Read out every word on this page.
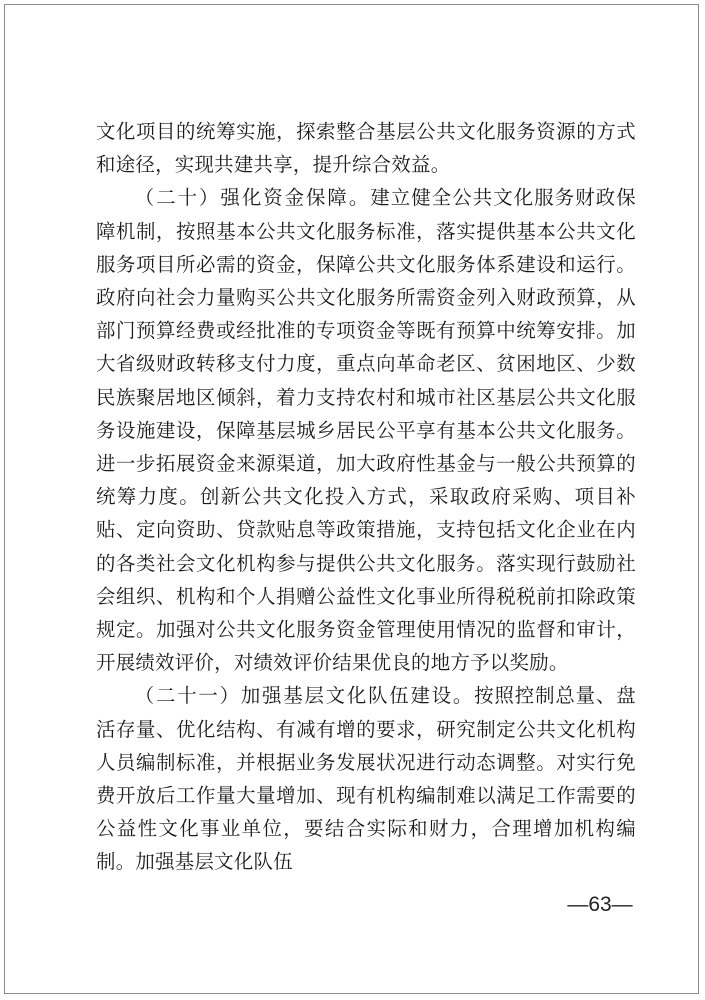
文化项目的统筹实施，探索整合基层公共文化服务资源的方式和途径，实现共建共享，提升综合效益。

（二十）强化资金保障。建立健全公共文化服务财政保障机制，按照基本公共文化服务标准，落实提供基本公共文化服务项目所必需的资金，保障公共文化服务体系建设和运行。政府向社会力量购买公共文化服务所需资金列入财政预算，从部门预算经费或经批准的专项资金等既有预算中统筹安排。加大省级财政转移支付力度，重点向革命老区、贫困地区、少数民族聚居地区倾斜，着力支持农村和城市社区基层公共文化服务设施建设，保障基层城乡居民公平享有基本公共文化服务。进一步拓展资金来源渠道，加大政府性基金与一般公共预算的统筹力度。创新公共文化投入方式，采取政府采购、项目补贴、定向资助、贷款贴息等政策措施，支持包括文化企业在内的各类社会文化机构参与提供公共文化服务。落实现行鼓励社会组织、机构和个人捐赠公益性文化事业所得税税前扣除政策规定。加强对公共文化服务资金管理使用情况的监督和审计，开展绩效评价，对绩效评价结果优良的地方予以奖励。

（二十一）加强基层文化队伍建设。按照控制总量、盘活存量、优化结构、有减有增的要求，研究制定公共文化机构人员编制标准，并根据业务发展状况进行动态调整。对实行免费开放后工作量大量增加、现有机构编制难以满足工作需要的公益性文化事业单位，要结合实际和财力，合理增加机构编制。加强基层文化队伍

—63—
